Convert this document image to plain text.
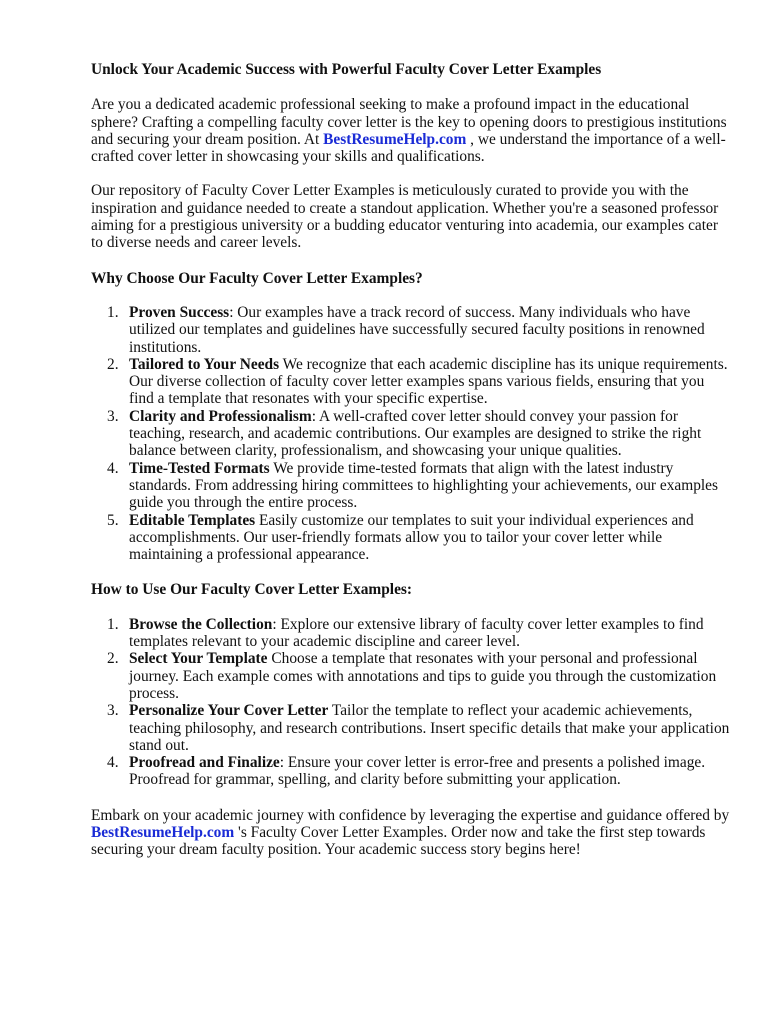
Unlock Your Academic Success with Powerful Faculty Cover Letter Examples

Are you a dedicated academic professional seeking to make a profound impact in the educational sphere? Crafting a compelling faculty cover letter is the key to opening doors to prestigious institutions and securing your dream position. At BestResumeHelp.com , we understand the importance of a well-crafted cover letter in showcasing your skills and qualifications.

Our repository of Faculty Cover Letter Examples is meticulously curated to provide you with the inspiration and guidance needed to create a standout application. Whether you're a seasoned professor aiming for a prestigious university or a budding educator venturing into academia, our examples cater to diverse needs and career levels.

Why Choose Our Faculty Cover Letter Examples?
1. Proven Success: Our examples have a track record of success. Many individuals who have utilized our templates and guidelines have successfully secured faculty positions in renowned institutions.
2. Tailored to Your Needs We recognize that each academic discipline has its unique requirements. Our diverse collection of faculty cover letter examples spans various fields, ensuring that you find a template that resonates with your specific expertise.
3. Clarity and Professionalism: A well-crafted cover letter should convey your passion for teaching, research, and academic contributions. Our examples are designed to strike the right balance between clarity, professionalism, and showcasing your unique qualities.
4. Time-Tested Formats We provide time-tested formats that align with the latest industry standards. From addressing hiring committees to highlighting your achievements, our examples guide you through the entire process.
5. Editable Templates Easily customize our templates to suit your individual experiences and accomplishments. Our user-friendly formats allow you to tailor your cover letter while maintaining a professional appearance.
How to Use Our Faculty Cover Letter Examples:
1. Browse the Collection: Explore our extensive library of faculty cover letter examples to find templates relevant to your academic discipline and career level.
2. Select Your Template Choose a template that resonates with your personal and professional journey. Each example comes with annotations and tips to guide you through the customization process.
3. Personalize Your Cover Letter Tailor the template to reflect your academic achievements, teaching philosophy, and research contributions. Insert specific details that make your application stand out.
4. Proofread and Finalize: Ensure your cover letter is error-free and presents a polished image. Proofread for grammar, spelling, and clarity before submitting your application.

Embark on your academic journey with confidence by leveraging the expertise and guidance offered by BestResumeHelp.com 's Faculty Cover Letter Examples. Order now and take the first step towards securing your dream faculty position. Your academic success story begins here!
